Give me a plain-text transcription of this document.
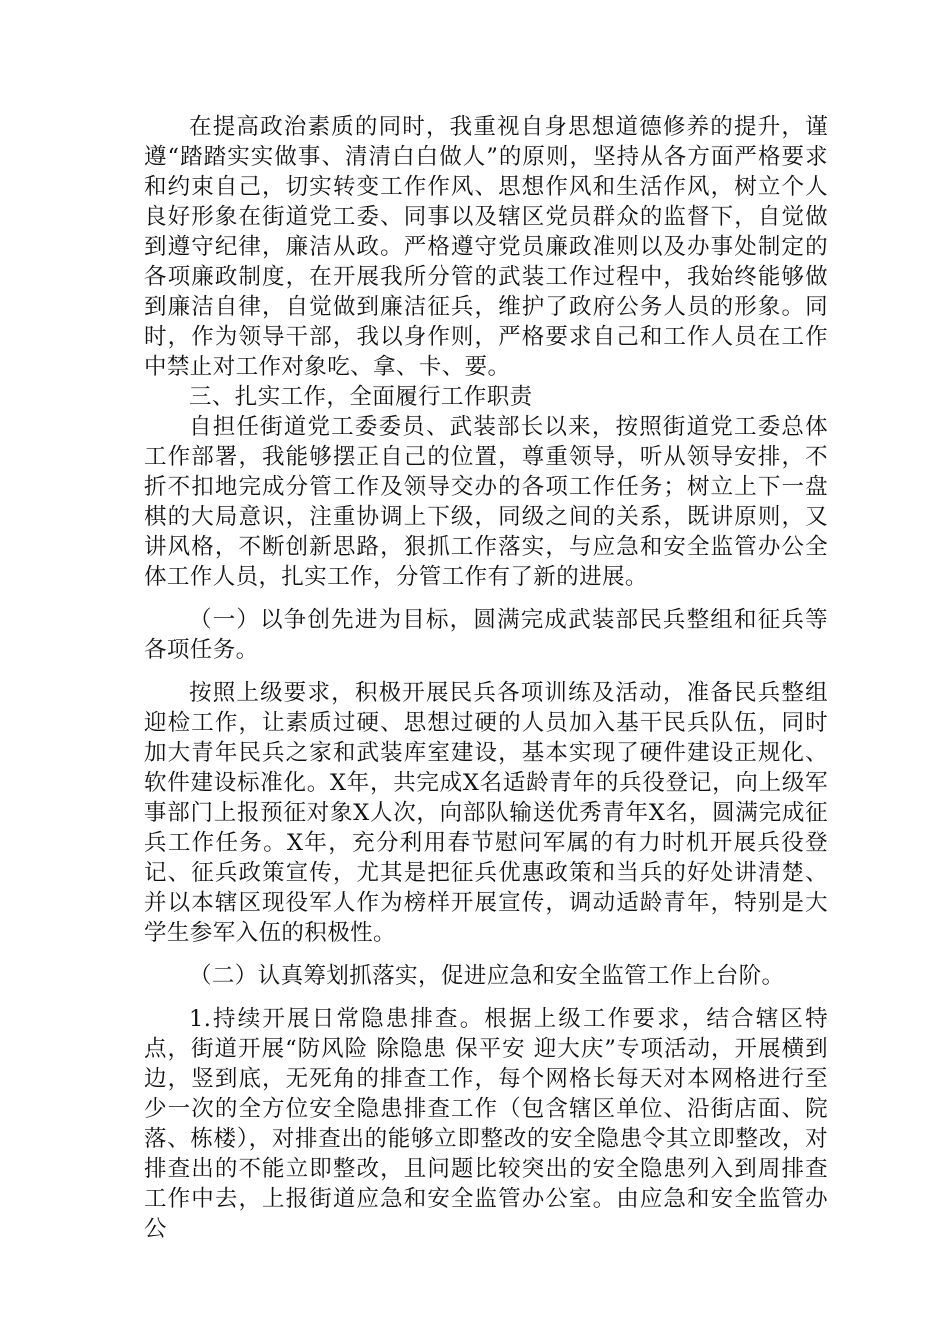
在提高政治素质的同时，我重视自身思想道德修养的提升，谨遵“踏踏实实做事、清清白白做人”的原则，坚持从各方面严格要求和约束自己，切实转变工作作风、思想作风和生活作风，树立个人良好形象在街道党工委、同事以及辖区党员群众的监督下，自觉做到遵守纪律，廉洁从政。严格遵守党员廉政准则以及办事处制定的各项廉政制度，在开展我所分管的武装工作过程中，我始终能够做到廉洁自律，自觉做到廉洁征兵，维护了政府公务人员的形象。同时，作为领导干部，我以身作则，严格要求自己和工作人员在工作中禁止对工作对象吃、拿、卡、要。

三、扎实工作，全面履行工作职责

自担任街道党工委委员、武装部长以来，按照街道党工委总体工作部署，我能够摆正自己的位置，尊重领导，听从领导安排，不折不扣地完成分管工作及领导交办的各项工作任务；树立上下一盘棋的大局意识，注重协调上下级，同级之间的关系，既讲原则，又讲风格，不断创新思路，狠抓工作落实，与应急和安全监管办公全体工作人员，扎实工作，分管工作有了新的进展。

（一）以争创先进为目标，圆满完成武装部民兵整组和征兵等各项任务。

按照上级要求，积极开展民兵各项训练及活动，准备民兵整组迎检工作，让素质过硬、思想过硬的人员加入基干民兵队伍，同时加大青年民兵之家和武装库室建设，基本实现了硬件建设正规化、软件建设标准化。X年，共完成X名适龄青年的兵役登记，向上级军事部门上报预征对象X人次，向部队输送优秀青年X名，圆满完成征兵工作任务。X年，充分利用春节慰问军属的有力时机开展兵役登记、征兵政策宣传，尤其是把征兵优惠政策和当兵的好处讲清楚、并以本辖区现役军人作为榜样开展宣传，调动适龄青年，特别是大学生参军入伍的积极性。

（二）认真筹划抓落实，促进应急和安全监管工作上台阶。

1.持续开展日常隐患排查。根据上级工作要求，结合辖区特点，街道开展“防风险 除隐患 保平安 迎大庆”专项活动，开展横到边，竖到底，无死角的排查工作，每个网格长每天对本网格进行至少一次的全方位安全隐患排查工作（包含辖区单位、沿街店面、院落、栋楼），对排查出的能够立即整改的安全隐患令其立即整改，对排查出的不能立即整改，且问题比较突出的安全隐患列入到周排查工作中去，上报街道应急和安全监管办公室。由应急和安全监管办公
